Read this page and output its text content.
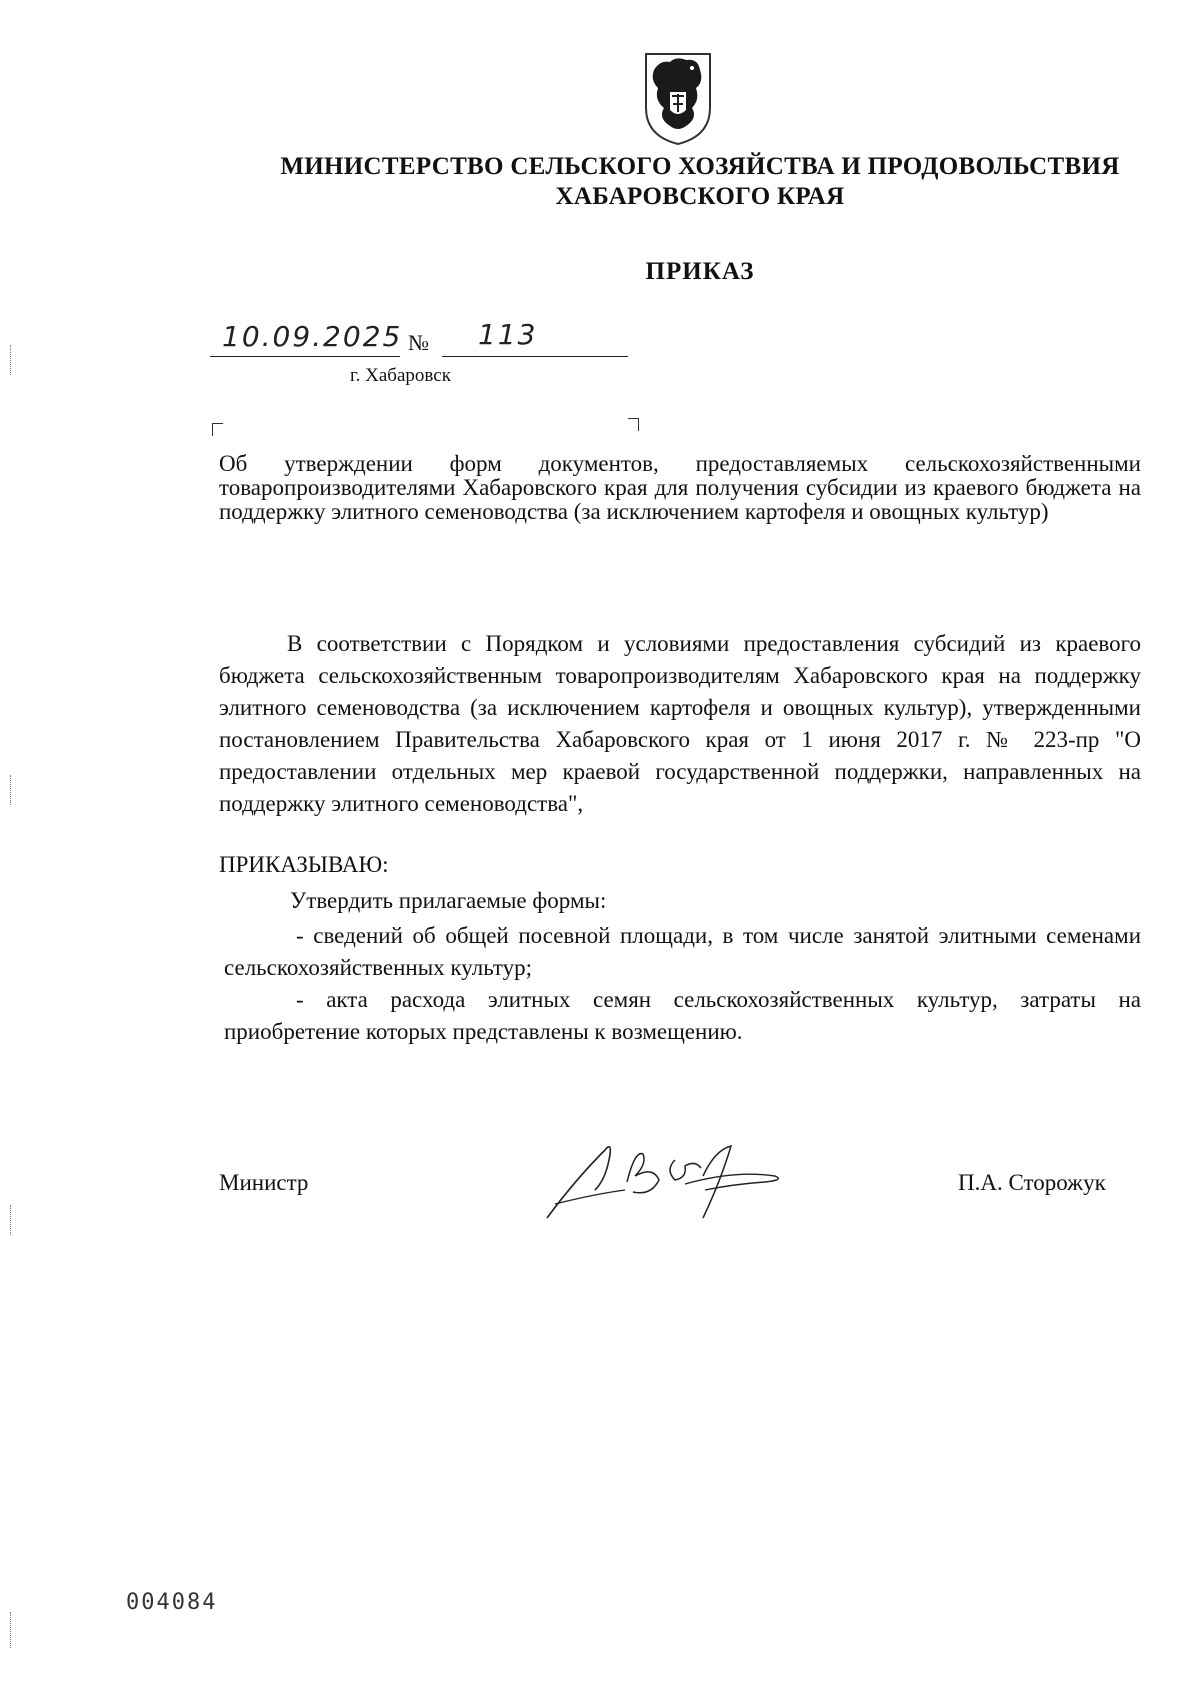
МИНИСТЕРСТВО СЕЛЬСКОГО ХОЗЯЙСТВА И ПРОДОВОЛЬСТВИЯ
ХАБАРОВСКОГО КРАЯ
ПРИКАЗ
10.09.2025 № 113
г. Хабаровск
Об утверждении форм документов, предоставляемых сельскохозяйственными товаропроизводителями Хабаровского края для получения субсидии из краевого бюджета на поддержку элитного семеноводства (за исключением картофеля и овощных культур)

В соответствии с Порядком и условиями предоставления субсидий из краевого бюджета сельскохозяйственным товаропроизводителям Хабаровского края на поддержку элитного семеноводства (за исключением картофеля и овощных культур), утвержденными постановлением Правительства Хабаровского края от 1 июня 2017 г. № 223-пр "О предоставлении отдельных мер краевой государственной поддержки, направленных на поддержку элитного семеноводства",

ПРИКАЗЫВАЮ:
Утвердить прилагаемые формы:
- сведений об общей посевной площади, в том числе занятой элитными семенами сельскохозяйственных культур;
- акта расхода элитных семян сельскохозяйственных культур, затраты на приобретение которых представлены к возмещению.
Министр	П.А. Сторожук
004084
